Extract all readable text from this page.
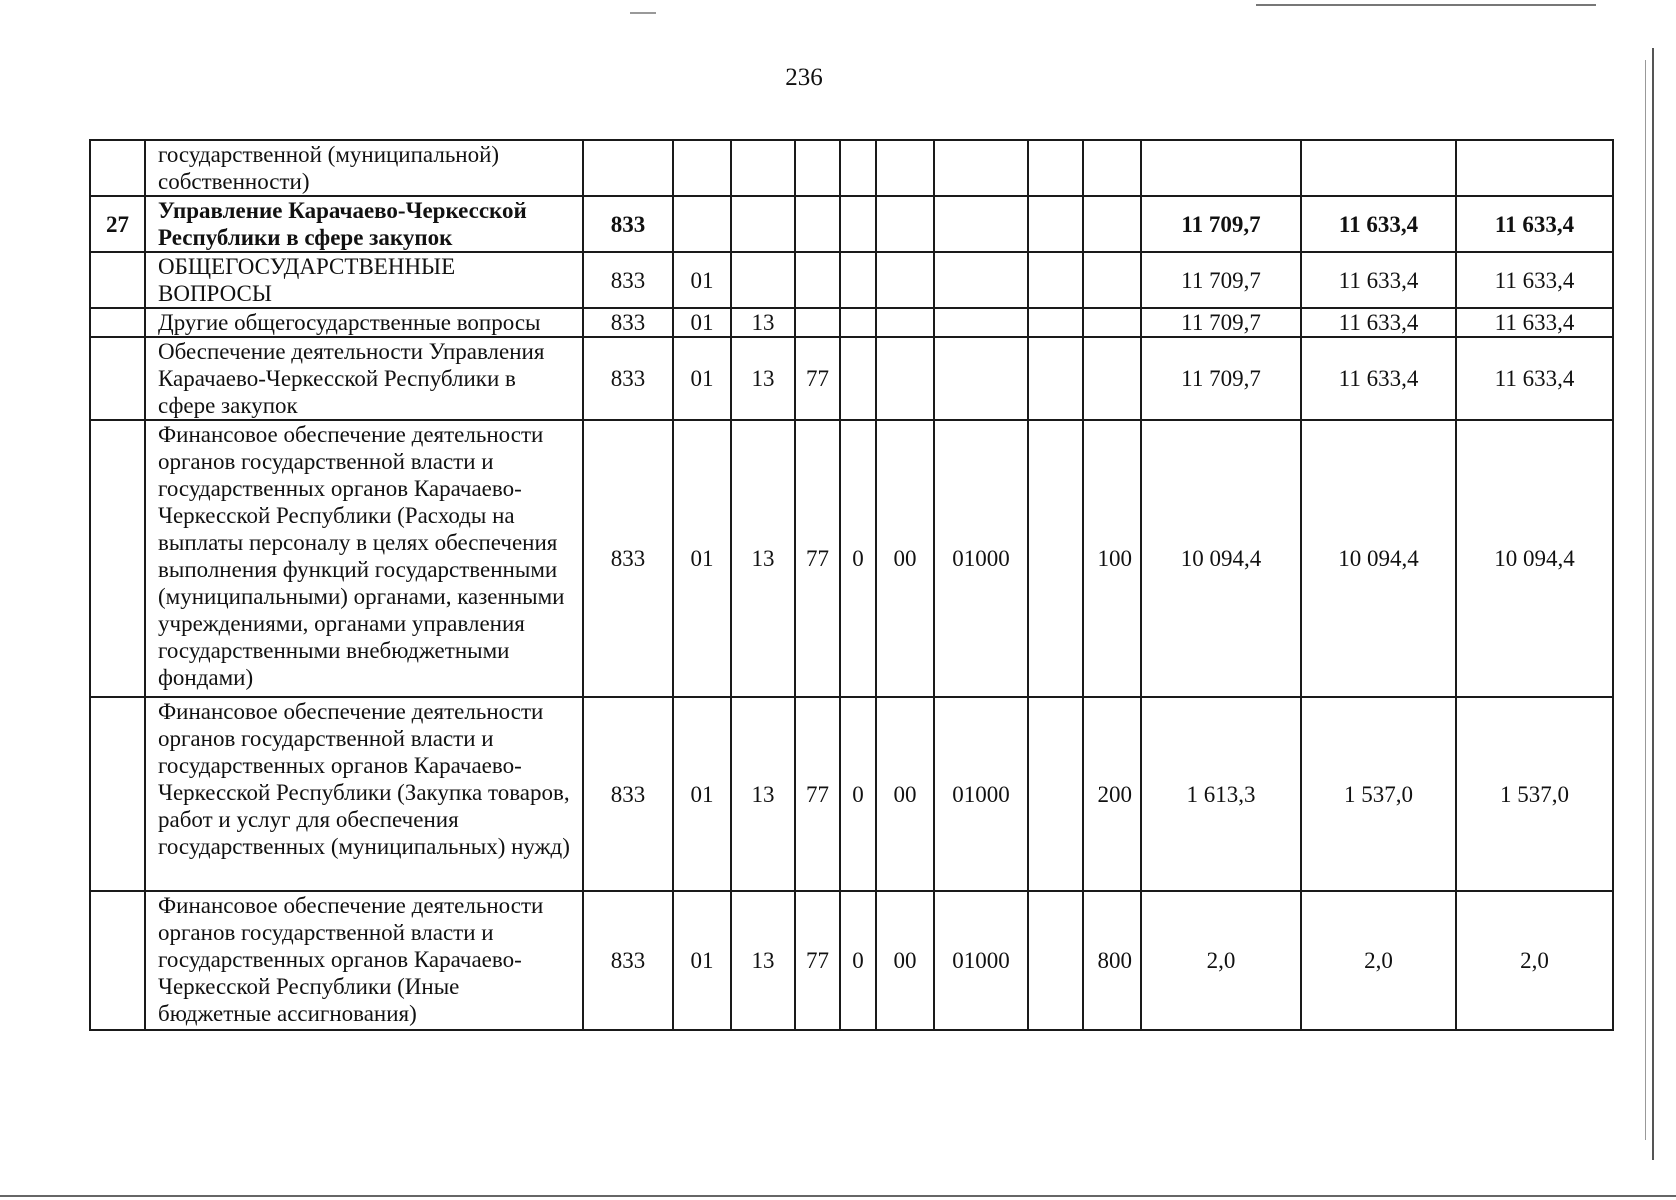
236
	государственной (муниципальной) собственности)												
27	Управление Карачаево-Черкесской Республики в сфере закупок	833									11 709,7	11 633,4	11 633,4
	ОБЩЕГОСУДАРСТВЕННЫЕ ВОПРОСЫ	833	01								11 709,7	11 633,4	11 633,4
	Другие общегосударственные вопросы	833	01	13							11 709,7	11 633,4	11 633,4
	Обеспечение деятельности Управления Карачаево-Черкесской Республики в сфере закупок	833	01	13	77						11 709,7	11 633,4	11 633,4
	Финансовое обеспечение деятельности органов государственной власти и государственных органов Карачаево-Черкесской Республики (Расходы на выплаты персоналу в целях обеспечения выполнения функций государственными (муниципальными) органами, казенными учреждениями, органами управления государственными внебюджетными фондами)	833	01	13	77	0	00	01000		100	10 094,4	10 094,4	10 094,4
	Финансовое обеспечение деятельности органов государственной власти и государственных органов Карачаево-Черкесской Республики (Закупка товаров, работ и услуг для обеспечения государственных (муниципальных) нужд)	833	01	13	77	0	00	01000		200	1 613,3	1 537,0	1 537,0
	Финансовое обеспечение деятельности органов государственной власти и государственных органов Карачаево-Черкесской Республики (Иные бюджетные ассигнования)	833	01	13	77	0	00	01000		800	2,0	2,0	2,0
